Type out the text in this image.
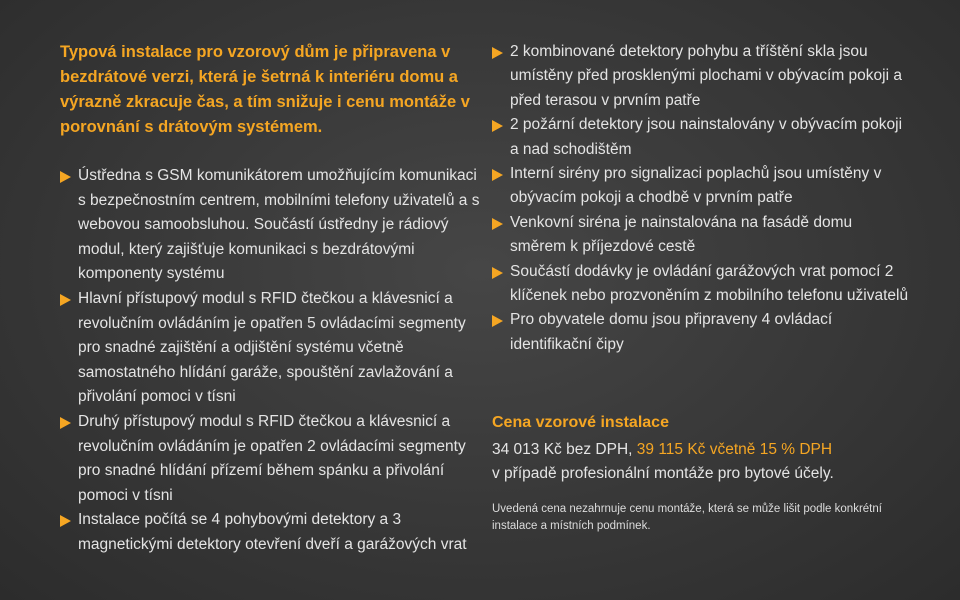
Typová instalace pro vzorový dům je připravena v bezdrátové verzi, která je šetrná k interiéru domu a výrazně zkracuje čas, a tím snižuje i cenu montáže v porovnání s drátovým systémem.

Ústředna s GSM komunikátorem umožňujícím komunikaci s bezpečnostním centrem, mobilními telefony uživatelů a s webovou samoobsluhou. Součástí ústředny je rádiový modul, který zajišťuje komunikaci s bezdrátovými komponenty systému
Hlavní přístupový modul s RFID čtečkou a klávesnicí a revolučním ovládáním je opatřen 5 ovládacími segmenty pro snadné zajištění a odjištění systému včetně samostatného hlídání garáže, spouštění zavlažování a přivolání pomoci v tísni
Druhý přístupový modul s RFID čtečkou a klávesnicí a revolučním ovládáním je opatřen 2 ovládacími segmenty pro snadné hlídání přízemí během spánku a přivolání pomoci v tísni
Instalace počítá se 4 pohybovými detektory a 3 magnetickými detektory otevření dveří a garážových vrat
2 kombinované detektory pohybu a tříštění skla jsou umístěny před prosklenými plochami v obývacím pokoji a před terasou v prvním patře
2 požární detektory jsou nainstalovány v obývacím pokoji a nad schodištěm
Interní sirény pro signalizaci poplachů jsou umístěny v obývacím pokoji a chodbě v prvním patře
Venkovní siréna je nainstalována na fasádě domu směrem k příjezdové cestě
Součástí dodávky je ovládání garážových vrat pomocí 2 klíčenek nebo prozvoněním z mobilního telefonu uživatelů
Pro obyvatele domu jsou připraveny 4 ovládací identifikační čipy
Cena vzorové instalace
34 013 Kč bez DPH, 39 115 Kč včetně 15 % DPH
v případě profesionální montáže pro bytové účely.
Uvedená cena nezahrnuje cenu montáže, která se může lišit podle konkrétní instalace a místních podmínek.
